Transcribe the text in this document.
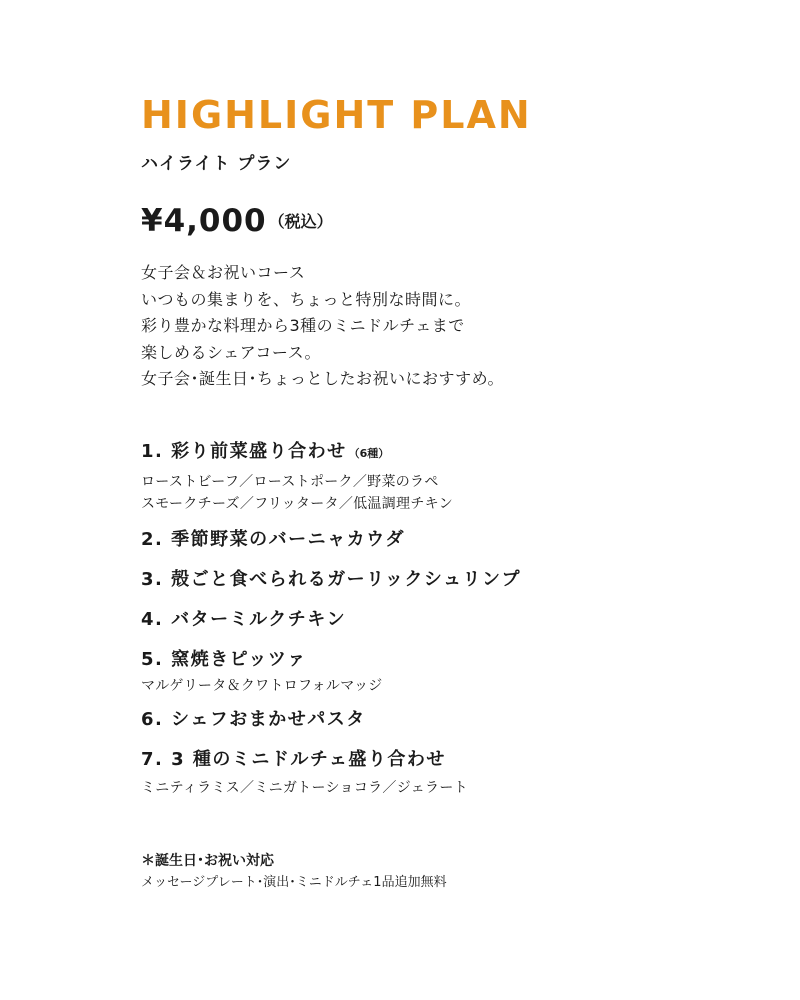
HIGHLIGHT PLAN
ハイライト プラン
¥4,000 （税込）
女子会＆お祝いコース
いつもの集まりを、ちょっと特別な時間に。
彩り豊かな料理から3種のミニドルチェまで
楽しめるシェアコース。
女子会･誕生日･ちょっとしたお祝いにおすすめ。
1. 彩り前菜盛り合わせ （6種）
ローストビーフ／ローストポーク／野菜のラペ
スモークチーズ／フリッタータ／低温調理チキン
2. 季節野菜のバーニャカウダ
3. 殻ごと食べられるガーリックシュリンプ
4. バターミルクチキン
5. 窯焼きピッツァ
マルゲリータ＆クワトロフォルマッジ
6. シェフおまかせパスタ
7. 3 種のミニドルチェ盛り合わせ
ミニティラミス／ミニガトーショコラ／ジェラート
＊誕生日･お祝い対応
メッセージプレート･演出･ミニドルチェ1品追加無料
